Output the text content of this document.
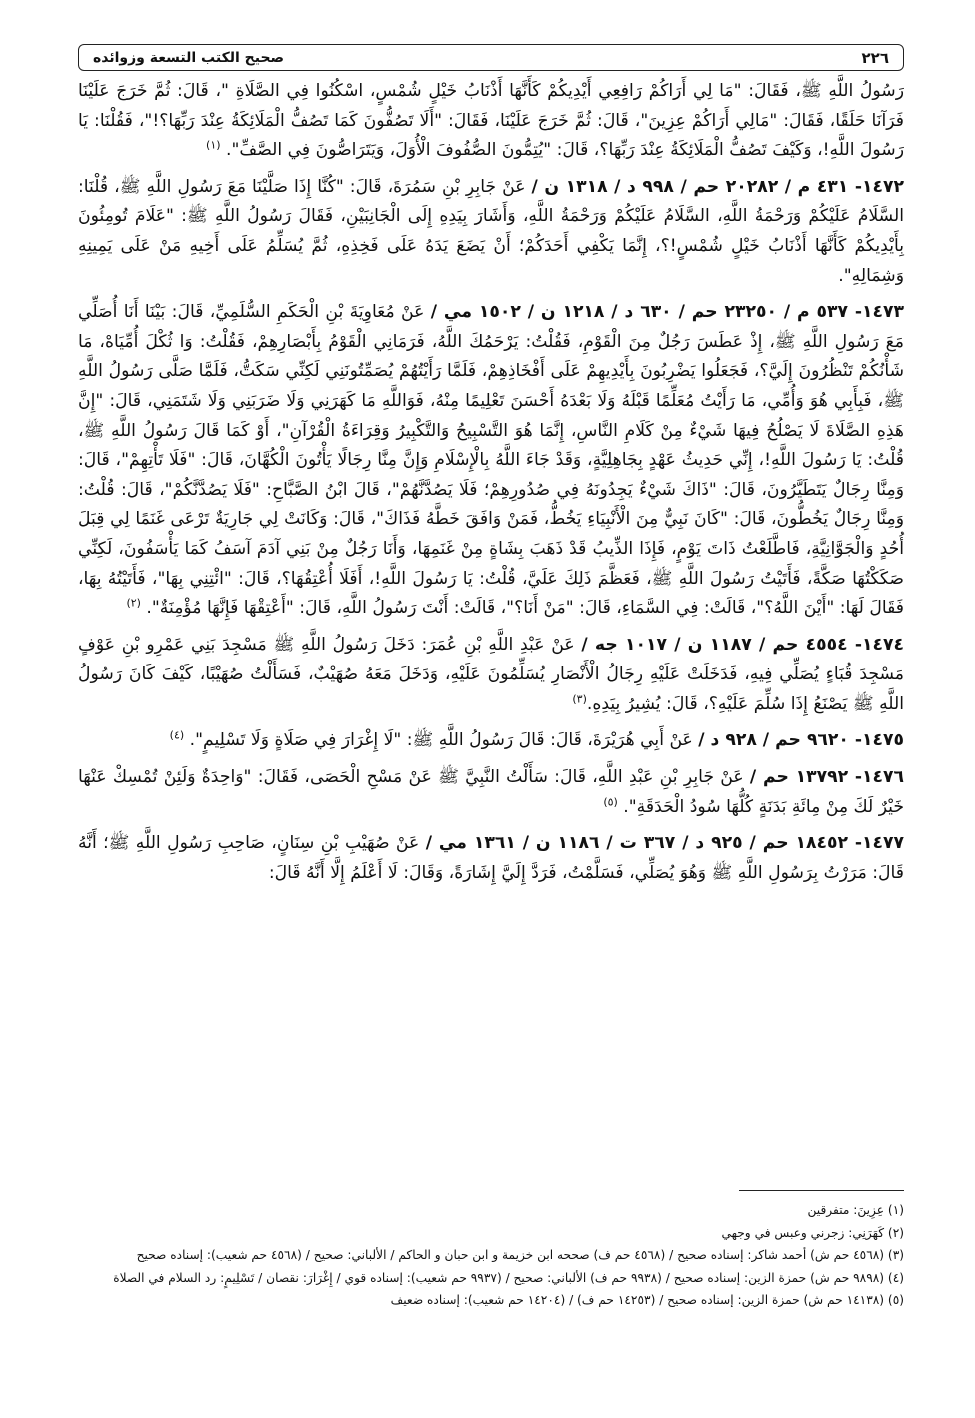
٢٢٦
صحيح الكتب التسعة وزوائده

رَسُولُ اللَّهِ ﷺ، فَقَالَ: "مَا لِي أَرَاكُمْ رَافِعِي أَيْدِيكُمْ كَأَنَّهَا أَذْنَابُ خَيْلٍ شُمْسٍ، اسْكُنُوا فِي الصَّلَاةِ "، قَالَ: ثُمَّ خَرَجَ عَلَيْنَا فَرَآنَا حَلَقًا، فَقَالَ: "مَالِي أَرَاكُمْ عِزِينَ"، قَالَ: ثُمَّ خَرَجَ عَلَيْنَا، فَقَالَ: "أَلَا تَصُفُّونَ كَمَا تَصُفُّ الْمَلَائِكَةُ عِنْدَ رَبِّهَا؟!"، فَقُلْنَا: يَا رَسُولَ اللَّهِ!، وَكَيْفَ تَصُفُّ الْمَلَائِكَةُ عِنْدَ رَبِّهَا؟، قَالَ: "يُتِمُّونَ الصُّفُوفَ الْأُوَلَ، وَيَتَرَاصُّونَ فِي الصَّفِّ". $^{(١)}$

١٤٧٢- ٤٣١ م / ٢٠٢٨٢ حم / ٩٩٨ د / ١٣١٨ ن / عَنْ جَابِرِ بْنِ سَمُرَةَ، قَالَ: "كُنَّا إِذَا صَلَّيْنَا مَعَ رَسُولِ اللَّهِ ﷺ، قُلْنَا: السَّلَامُ عَلَيْكُمْ وَرَحْمَةُ اللَّهِ، السَّلَامُ عَلَيْكُمْ وَرَحْمَةُ اللَّهِ، وَأَشَارَ بِيَدِهِ إِلَى الْجَانِبَيْنِ، فَقَالَ رَسُولُ اللَّهِ ﷺ: "عَلَامَ تُومِئُونَ بِأَيْدِيكُمْ كَأَنَّهَا أَذْنَابُ خَيْلٍ شُمْسٍ!؟، إِنَّمَا يَكْفِي أَحَدَكُمْ؛ أَنْ يَضَعَ يَدَهُ عَلَى فَخِذِهِ، ثُمَّ يُسَلِّمُ عَلَى أَخِيهِ مَنْ عَلَى يَمِينِهِ وَشِمَالِهِ".

١٤٧٣- ٥٣٧ م / ٢٣٢٥٠ حم / ٦٣٠ د / ١٢١٨ ن / ١٥٠٢ مي / عَنْ مُعَاوِيَةَ بْنِ الْحَكَمِ السُّلَمِيِّ، قَالَ: بَيْنَا أَنَا أُصَلِّي مَعَ رَسُولِ اللَّهِ ﷺ، إِذْ عَطَسَ رَجُلٌ مِنَ الْقَوْمِ، فَقُلْتُ: يَرْحَمُكَ اللَّهُ، فَرَمَانِي الْقَوْمُ بِأَبْصَارِهِمْ، فَقُلْتُ: وَا ثُكْلَ أُمِّيَاهْ، مَا شَأْنُكُمْ تَنْظُرُونَ إِلَيَّ؟، فَجَعَلُوا يَضْرِبُونَ بِأَيْدِيهِمْ عَلَى أَفْخَاذِهِمْ، فَلَمَّا رَأَيْتُهُمْ يُصَمِّتُونَنِي لَكِنِّي سَكَتُّ، فَلَمَّا صَلَّى رَسُولُ اللَّهِ ﷺ، فَبِأَبِي هُوَ وَأُمِّي، مَا رَأَيْتُ مُعَلِّمًا قَبْلَهُ وَلَا بَعْدَهُ أَحْسَنَ تَعْلِيمًا مِنْهُ، فَوَاللَّهِ مَا كَهَرَنِي وَلَا ضَرَبَنِي وَلَا شَتَمَنِي، قَالَ: "إِنَّ هَذِهِ الصَّلَاةَ لَا يَصْلُحُ فِيهَا شَيْءٌ مِنْ كَلَامِ النَّاسِ، إِنَّمَا هُوَ التَّسْبِيحُ وَالتَّكْبِيرُ وَقِرَاءَةُ الْقُرْآنِ"، أَوْ كَمَا قَالَ رَسُولُ اللَّهِ ﷺ، قُلْتُ: يَا رَسُولَ اللَّهِ!، إِنِّي حَدِيثُ عَهْدٍ بِجَاهِلِيَّةٍ، وَقَدْ جَاءَ اللَّهُ بِالْإِسْلَامِ وَإِنَّ مِنَّا رِجَالًا يَأْتُونَ الْكُهَّانَ، قَالَ: "فَلَا تَأْتِهِمْ"، قَالَ: وَمِنَّا رِجَالٌ يَتَطَيَّرُونَ، قَالَ: "ذَاكَ شَيْءٌ يَجِدُونَهُ فِي صُدُورِهِمْ؛ فَلَا يَصُدَّنَّهُمْ"، قَالَ ابْنُ الصَّبَّاحِ: "فَلَا يَصُدَّنَّكُمْ"، قَالَ: قُلْتُ: وَمِنَّا رِجَالٌ يَخُطُّونَ، قَالَ: "كَانَ نَبِيٌّ مِنَ الْأَنْبِيَاءِ يَخُطُّ، فَمَنْ وَافَقَ خَطَّهُ فَذَاكَ"، قَالَ: وَكَانَتْ لِي جَارِيَةٌ تَرْعَى غَنَمًا لِي قِبَلَ أُحُدٍ وَالْجَوَّانِيَّةِ، فَاطَّلَعْتُ ذَاتَ يَوْمٍ، فَإِذَا الذِّيبُ قَدْ ذَهَبَ بِشَاةٍ مِنْ غَنَمِهَا، وَأَنَا رَجُلٌ مِنْ بَنِي آدَمَ آسَفُ كَمَا يَأْسَفُونَ، لَكِنِّي صَكَكْتُهَا صَكَّةً، فَأَتَيْتُ رَسُولَ اللَّهِ ﷺ، فَعَظَّمَ ذَلِكَ عَلَيَّ، قُلْتُ: يَا رَسُولَ اللَّهِ!، أَفَلَا أُعْتِقُهَا؟، قَالَ: "ائْتِنِي بِهَا"، فَأَتَيْتُهُ بِهَا، فَقَالَ لَهَا: "أَيْنَ اللَّهُ؟"، قَالَتْ: فِي السَّمَاءِ، قَالَ: "مَنْ أَنَا؟"، قَالَتْ: أَنْتَ رَسُولُ اللَّهِ، قَالَ: "أَعْتِقْهَا فَإِنَّهَا مُؤْمِنَةٌ". $^{(٢)}$

١٤٧٤- ٤٥٥٤ حم / ١١٨٧ ن / ١٠١٧ جه / عَنْ عَبْدِ اللَّهِ بْنِ عُمَرَ: دَخَلَ رَسُولُ اللَّهِ ﷺ مَسْجِدَ بَنِي عَمْرِو بْنِ عَوْفٍ مَسْجِدَ قُبَاءٍ يُصَلِّي فِيهِ، فَدَخَلَتْ عَلَيْهِ رِجَالُ الْأَنْصَارِ يُسَلِّمُونَ عَلَيْهِ، وَدَخَلَ مَعَهُ صُهَيْبٌ، فَسَأَلْتُ صُهَيْبًا، كَيْفَ كَانَ رَسُولُ اللَّهِ ﷺ يَصْنَعُ إِذَا سُلِّمَ عَلَيْهِ؟، قَالَ: يُشِيرُ بِيَدِهِ.$^{(٣)}$

١٤٧٥- ٩٦٢٠ حم / ٩٢٨ د / عَنْ أَبِي هُرَيْرَةَ، قَالَ: قَالَ رَسُولُ اللَّهِ ﷺ: "لَا إِغْرَارَ فِي صَلَاةٍ وَلَا تَسْلِيمٍ". $^{(٤)}$

١٤٧٦- ١٣٧٩٢ حم / عَنْ جَابِرِ بْنِ عَبْدِ اللَّهِ، قَالَ: سَأَلْتُ النَّبِيَّ ﷺ عَنْ مَسْحِ الْحَصَى، فَقَالَ: "وَاحِدَةٌ وَلَئِنْ تُمْسِكْ عَنْهَا خَيْرٌ لَكَ مِنْ مِائَةِ بَدَنَةٍ كُلُّهَا سُودُ الْحَدَقَةِ". $^{(٥)}$

١٤٧٧- ١٨٤٥٢ حم / ٩٢٥ د / ٣٦٧ ت / ١١٨٦ ن / ١٣٦١ مي / عَنْ صُهَيْبِ بْنِ سِنَانٍ، صَاحِبِ رَسُولِ اللَّهِ ﷺ؛ أَنَّهُ قَالَ: مَرَرْتُ بِرَسُولِ اللَّهِ ﷺ وَهُوَ يُصَلِّي، فَسَلَّمْتُ، فَرَدَّ إِلَيَّ إِشَارَةً، وَقَالَ: لَا أَعْلَمُ إِلَّا أَنَّهُ قَالَ:

(١) عِزِينَ: متفرقين
(٢) كَهَرَنِي: زجرني وعبس في وجهي
(٣) (٤٥٦٨ حم ش) أحمد شاكر: إسناده صحيح / (٤٥٦٨ حم ف) صححه ابن خزيمة و ابن حبان و الحاكم / الألباني: صحيح / (٤٥٦٨ حم شعيب): إسناده صحيح
(٤) (٩٨٩٨ حم ش) حمزة الزين: إسناده صحيح / (٩٩٣٨ حم ف) الألباني: صحيح / (٩٩٣٧ حم شعيب): إسناده قوي / إِغْرَارَ: نقصان / تَسْلِيمٍ: رد السلام في الصلاة
(٥) (١٤١٣٨ حم ش) حمزة الزين: إسناده صحيح / (١٤٢٥٣ حم ف) / (١٤٢٠٤ حم شعيب): إسناده ضعيف
